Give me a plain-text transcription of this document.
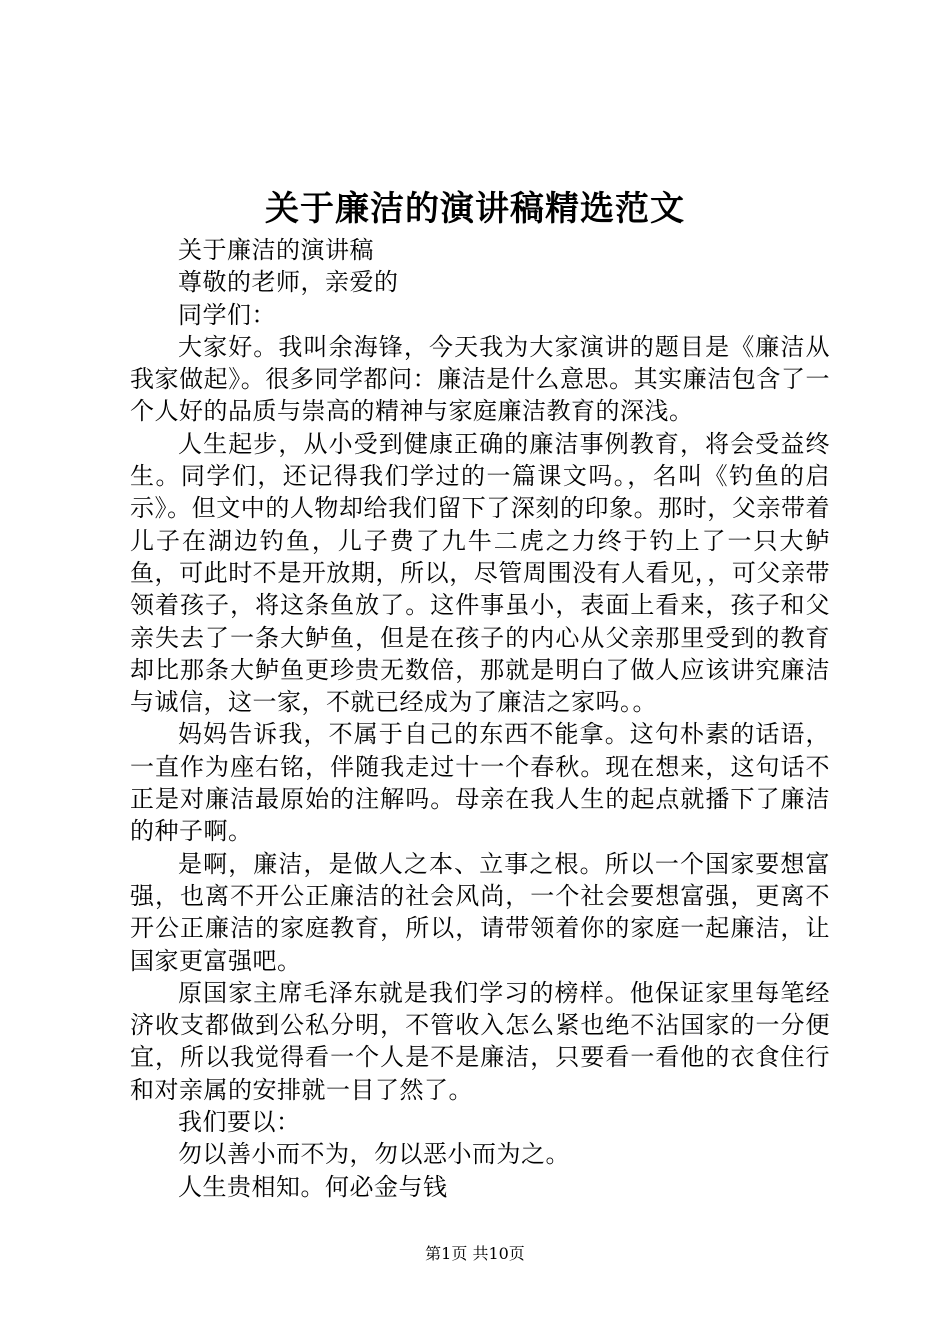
关于廉洁的演讲稿精选范文

关于廉洁的演讲稿

尊敬的老师，亲爱的

同学们：

大家好。我叫余海锋，今天我为大家演讲的题目是《廉洁从我家做起》。很多同学都问：廉洁是什么意思。其实廉洁包含了一个人好的品质与崇高的精神与家庭廉洁教育的深浅。

人生起步，从小受到健康正确的廉洁事例教育，将会受益终生。同学们，还记得我们学过的一篇课文吗。，名叫《钓鱼的启示》。但文中的人物却给我们留下了深刻的印象。那时，父亲带着儿子在湖边钓鱼，儿子费了九牛二虎之力终于钓上了一只大鲈鱼，可此时不是开放期，所以，尽管周围没有人看见，，可父亲带领着孩子，将这条鱼放了。这件事虽小，表面上看来，孩子和父亲失去了一条大鲈鱼，但是在孩子的内心从父亲那里受到的教育却比那条大鲈鱼更珍贵无数倍，那就是明白了做人应该讲究廉洁与诚信，这一家，不就已经成为了廉洁之家吗。。

妈妈告诉我，不属于自己的东西不能拿。这句朴素的话语，一直作为座右铭，伴随我走过十一个春秋。现在想来，这句话不正是对廉洁最原始的注解吗。母亲在我人生的起点就播下了廉洁的种子啊。

是啊，廉洁，是做人之本、立事之根。所以一个国家要想富强，也离不开公正廉洁的社会风尚，一个社会要想富强，更离不开公正廉洁的家庭教育，所以，请带领着你的家庭一起廉洁，让国家更富强吧。

原国家主席毛泽东就是我们学习的榜样。他保证家里每笔经济收支都做到公私分明，不管收入怎么紧也绝不沾国家的一分便宜，所以我觉得看一个人是不是廉洁，只要看一看他的衣食住行和对亲属的安排就一目了然了。

我们要以：

勿以善小而不为，勿以恶小而为之。

人生贵相知。何必金与钱

第1页 共10页
